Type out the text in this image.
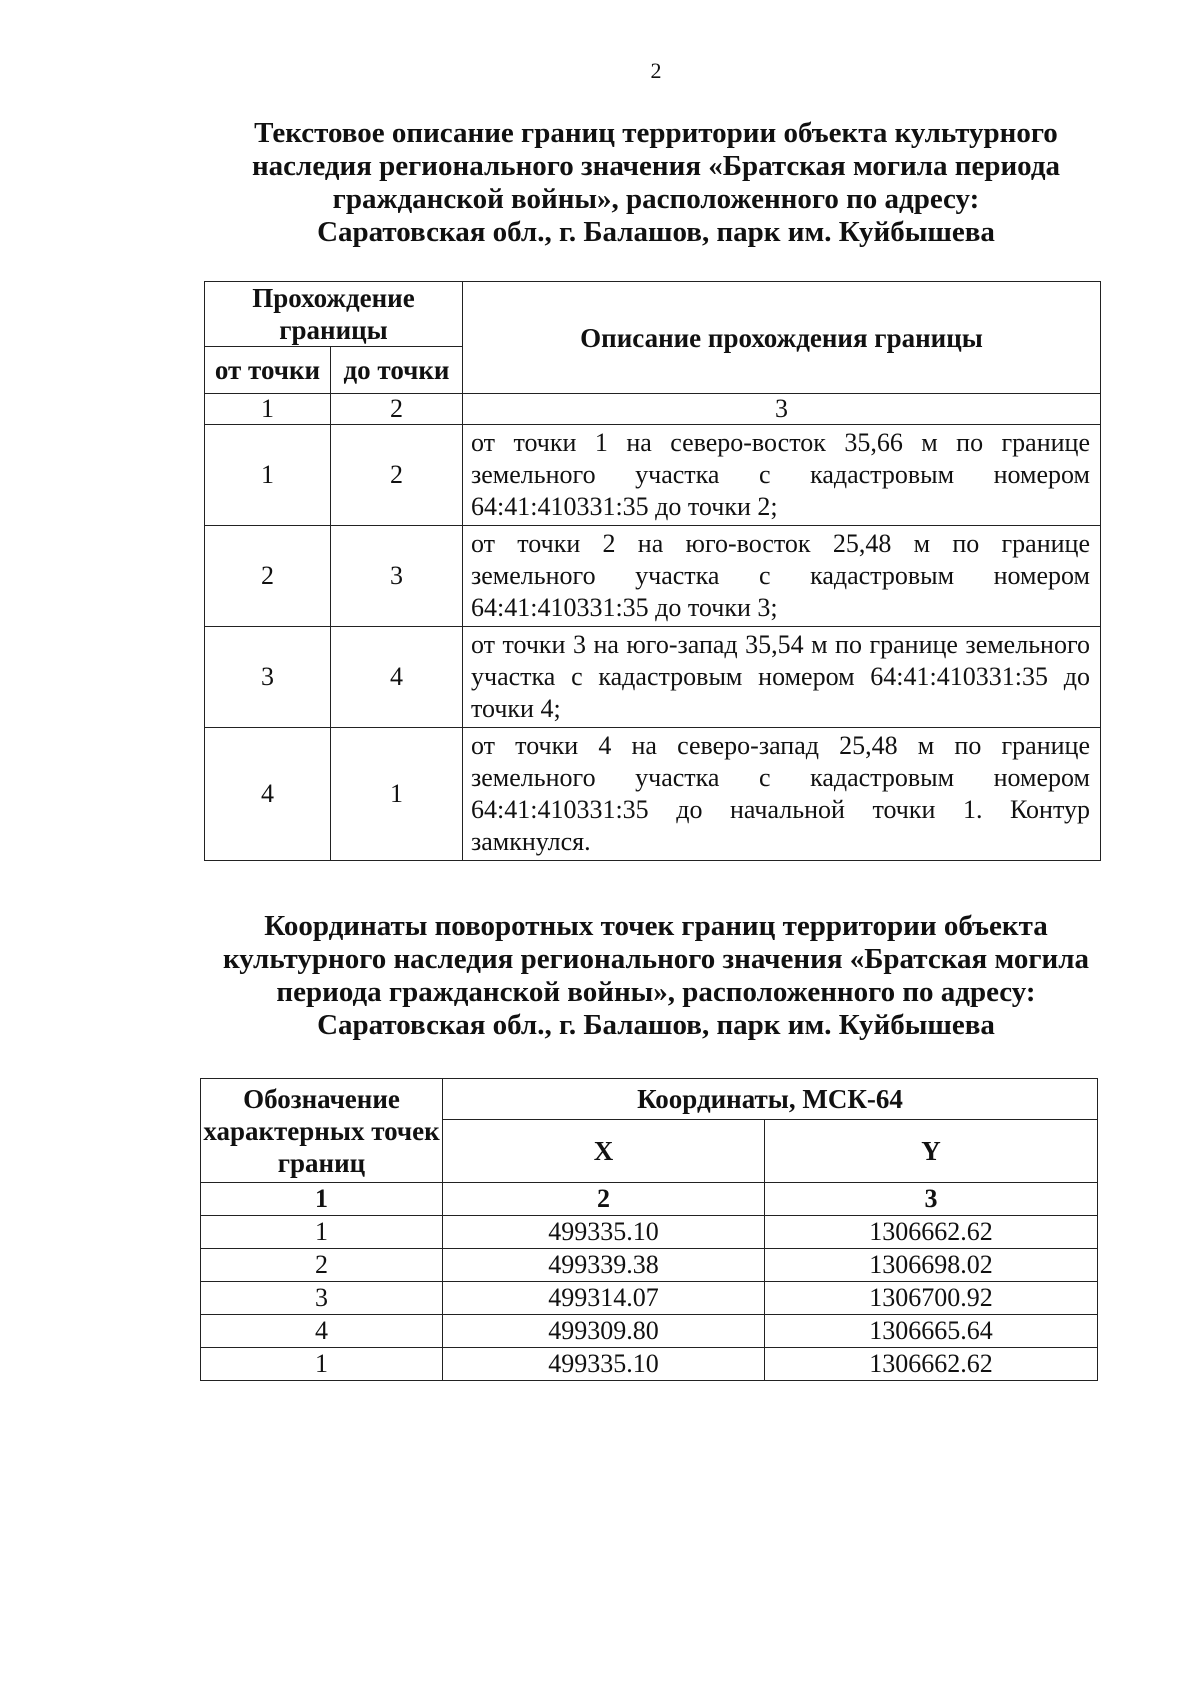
2
Текстовое описание границ территории объекта культурного
наследия регионального значения «Братская могила периода
гражданской войны», расположенного по адресу:
Саратовская обл., г. Балашов, парк им. Куйбышева
Прохождение границы		Описание прохождения границы
от точки	до точки	
1	2	3
1	2	от точки 1 на северо-восток 35,66 м по границе земельного участка с кадастровым номером 64:41:410331:35 до точки 2;
2	3	от точки 2 на юго-восток 25,48 м по границе земельного участка с кадастровым номером 64:41:410331:35 до точки 3;
3	4	от точки 3 на юго-запад 35,54 м по границе земельного участка с кадастровым номером 64:41:410331:35 до точки 4;
4	1	от точки 4 на северо-запад 25,48 м по границе земельного участка с кадастровым номером 64:41:410331:35 до начальной точки 1. Контур замкнулся.
Координаты поворотных точек границ территории объекта
культурного наследия регионального значения «Братская могила
периода гражданской войны», расположенного по адресу:
Саратовская обл., г. Балашов, парк им. Куйбышева
Обозначение характерных точек границ	Координаты, МСК-64	
	X	Y
1	2	3
1	499335.10	1306662.62
2	499339.38	1306698.02
3	499314.07	1306700.92
4	499309.80	1306665.64
1	499335.10	1306662.62
